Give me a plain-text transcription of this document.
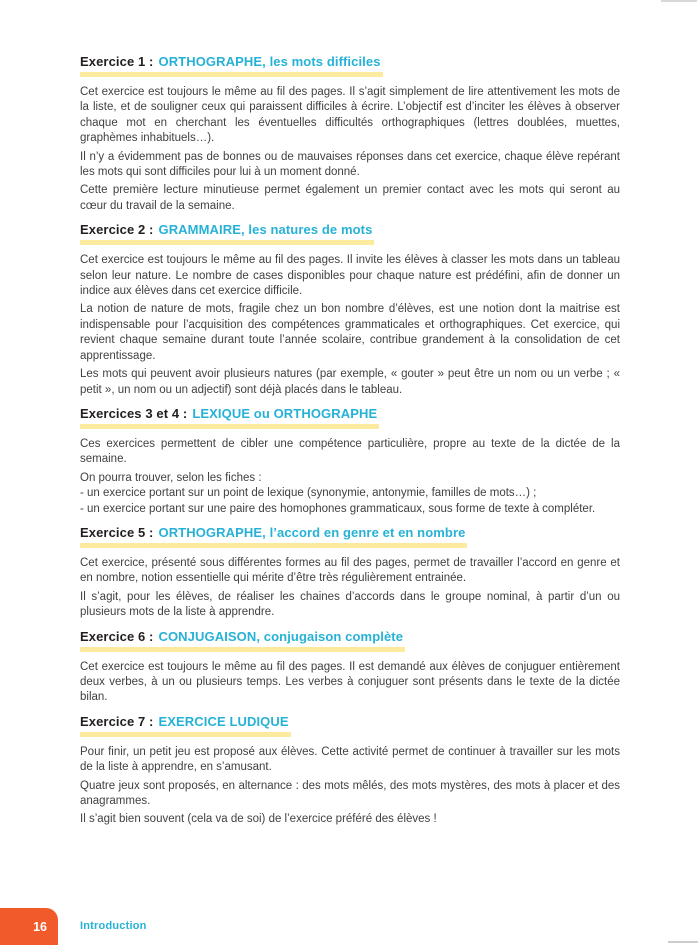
Exercice 1 : ORTHOGRAPHE, les mots difficiles

Cet exercice est toujours le même au fil des pages. Il s’agit simplement de lire attentivement les mots de la liste, et de souligner ceux qui paraissent difficiles à écrire. L’objectif est d’inciter les élèves à observer chaque mot en cherchant les éventuelles difficultés orthographiques (lettres doublées, muettes, graphèmes inhabituels…).

Il n’y a évidemment pas de bonnes ou de mauvaises réponses dans cet exercice, chaque élève repérant les mots qui sont difficiles pour lui à un moment donné.

Cette première lecture minutieuse permet également un premier contact avec les mots qui seront au cœur du travail de la semaine.

Exercice 2 : GRAMMAIRE, les natures de mots

Cet exercice est toujours le même au fil des pages. Il invite les élèves à classer les mots dans un tableau selon leur nature. Le nombre de cases disponibles pour chaque nature est prédéfini, afin de donner un indice aux élèves dans cet exercice difficile.

La notion de nature de mots, fragile chez un bon nombre d’élèves, est une notion dont la maitrise est indispensable pour l’acquisition des compétences grammaticales et orthographiques. Cet exercice, qui revient chaque semaine durant toute l’année scolaire, contribue grandement à la consolidation de cet apprentissage.

Les mots qui peuvent avoir plusieurs natures (par exemple, « gouter » peut être un nom ou un verbe ; « petit », un nom ou un adjectif) sont déjà placés dans le tableau.

Exercices 3 et 4 : LEXIQUE ou ORTHOGRAPHE

Ces exercices permettent de cibler une compétence particulière, propre au texte de la dictée de la semaine.

On pourra trouver, selon les fiches :

- un exercice portant sur un point de lexique (synonymie, antonymie, familles de mots…) ;

- un exercice portant sur une paire des homophones grammaticaux, sous forme de texte à compléter.

Exercice 5 : ORTHOGRAPHE, l’accord en genre et en nombre

Cet exercice, présenté sous différentes formes au fil des pages, permet de travailler l’accord en genre et en nombre, notion essentielle qui mérite d’être très régulièrement entrainée.

Il s’agit, pour les élèves, de réaliser les chaines d’accords dans le groupe nominal, à partir d’un ou plusieurs mots de la liste à apprendre.

Exercice 6 : CONJUGAISON, conjugaison complète

Cet exercice est toujours le même au fil des pages. Il est demandé aux élèves de conjuguer entièrement deux verbes, à un ou plusieurs temps. Les verbes à conjuguer sont présents dans le texte de la dictée bilan.

Exercice 7 : EXERCICE LUDIQUE

Pour finir, un petit jeu est proposé aux élèves. Cette activité permet de continuer à travailler sur les mots de la liste à apprendre, en s’amusant.

Quatre jeux sont proposés, en alternance : des mots mêlés, des mots mystères, des mots à placer et des anagrammes.

Il s’agit bien souvent (cela va de soi) de l’exercice préféré des élèves !

16	Introduction
